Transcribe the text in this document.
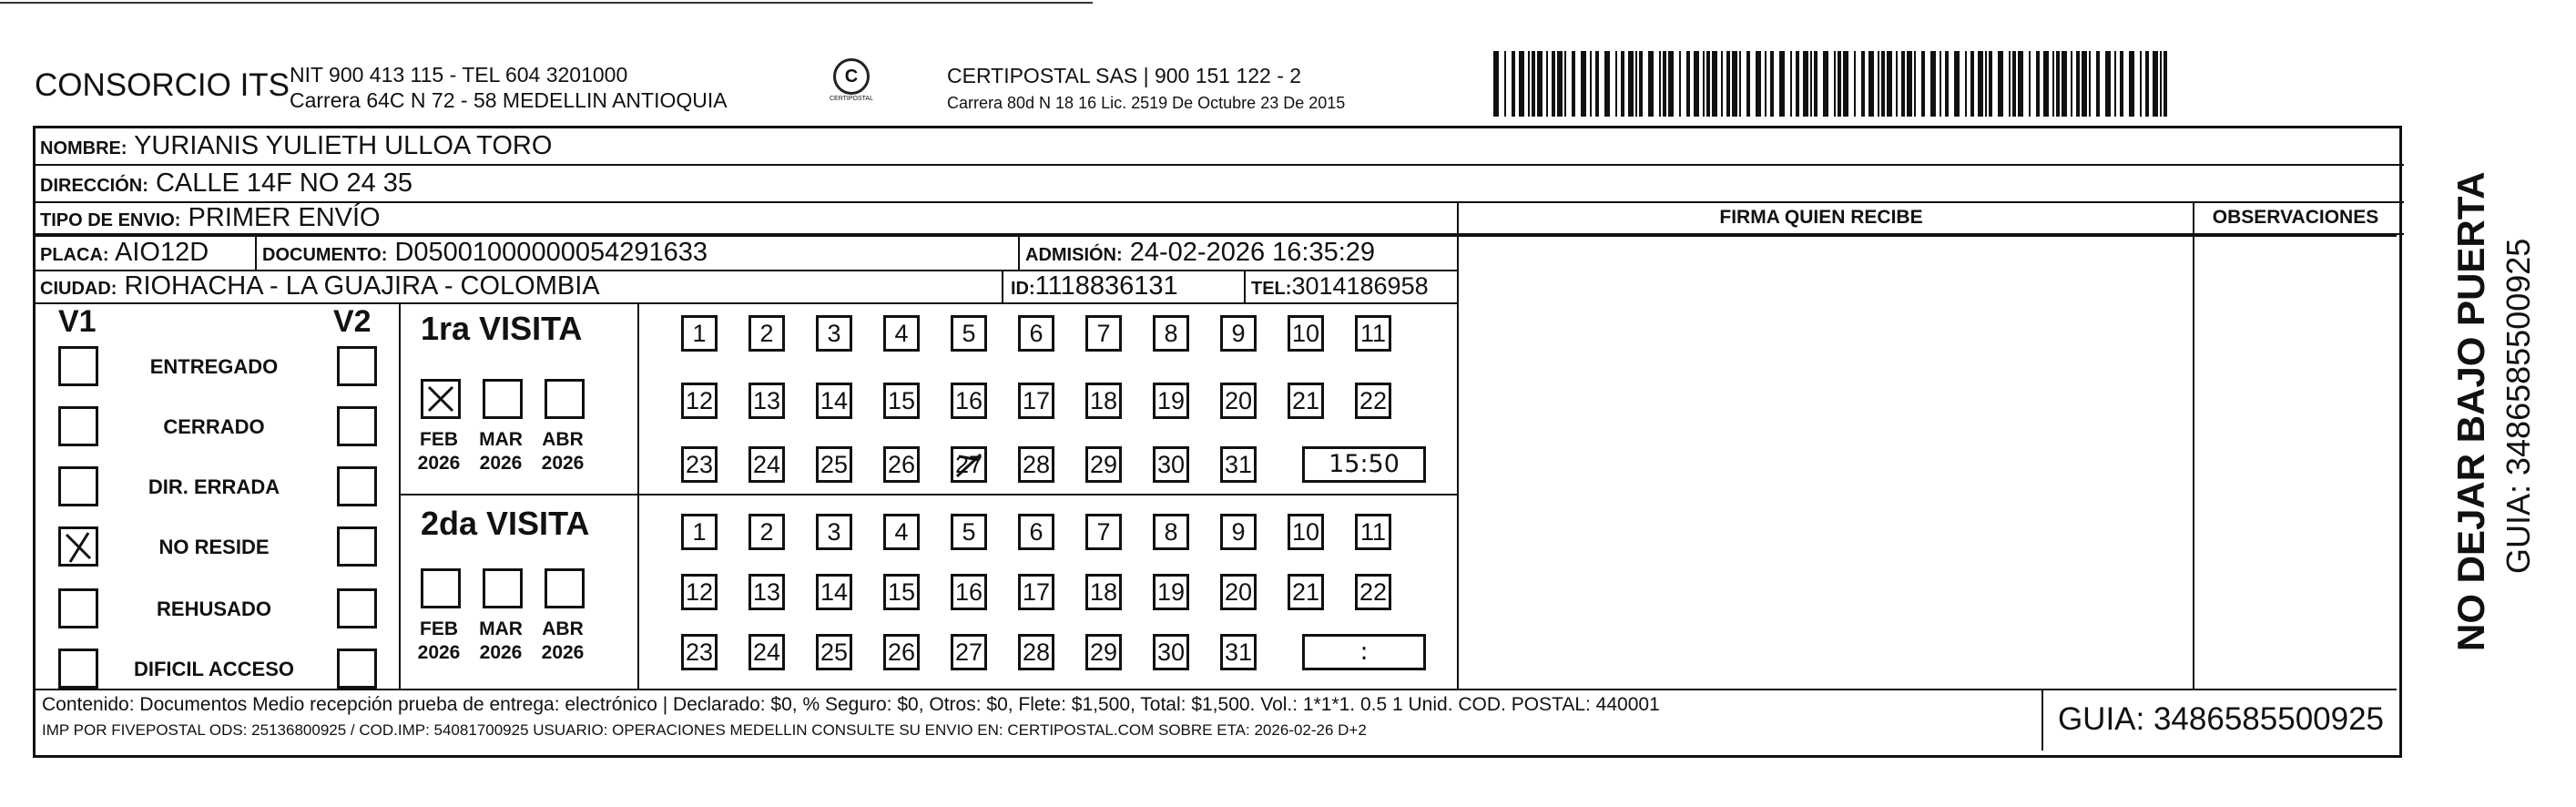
CONSORCIO ITS NIT 900 413 115 - TEL 604 3201000
Carrera 64C N 72 - 58 MEDELLIN ANTIOQUIA
C
CERTIPOSTAL
CERTIPOSTAL SAS | 900 151 122 - 2
Carrera 80d N 18 16 Lic. 2519 De Octubre 23 De 2015
NOMBRE: YURIANIS YULIETH ULLOA TORO
DIRECCIÓN: CALLE 14F NO 24 35
TIPO DE ENVIO: PRIMER ENVÍO	FIRMA QUIEN RECIBE	OBSERVACIONES
PLACA: AIO12D	DOCUMENTO: D05001000000054291633	ADMISIÓN: 24-02-2026 16:35:29
CIUDAD: RIOHACHA - LA GUAJIRA - COLOMBIA	ID:1118836131	TEL:3014186958
V1	V2
ENTREGADO
CERRADO
DIR. ERRADA
NO RESIDE
REHUSADO
DIFICIL ACCESO
1ra VISITA
2da VISITA
1	2	3	4	5	6	7	8	9	10 11
12 13 14 15 16 17 18 19 20 21 22
23 24 25 26 27 28 29 30 31	15:50
1	2	3	4	5	6	7	8	9	10 11
12 13 14 15 16 17 18 19 20 21 22
23 24 25 26 27 28 29 30 31	:
FEB
2026
MAR
2026
ABR
2026
FEB
2026
MAR
2026
ABR
2026
Contenido: Documentos Medio recepción prueba de entrega: electrónico | Declarado: $0, % Seguro: $0, Otros: $0, Flete: $1,500, Total: $1,500. Vol.: 1*1*1. 0.5 1 Unid. COD. POSTAL: 440001
IMP POR FIVEPOSTAL ODS: 25136800925 / COD.IMP: 54081700925 USUARIO: OPERACIONES MEDELLIN CONSULTE SU ENVIO EN: CERTIPOSTAL.COM SOBRE ETA: 2026-02-26 D+2	GUIA: 3486585500925
NO DEJAR BAJO PUERTA GUIA: 3486585500925
